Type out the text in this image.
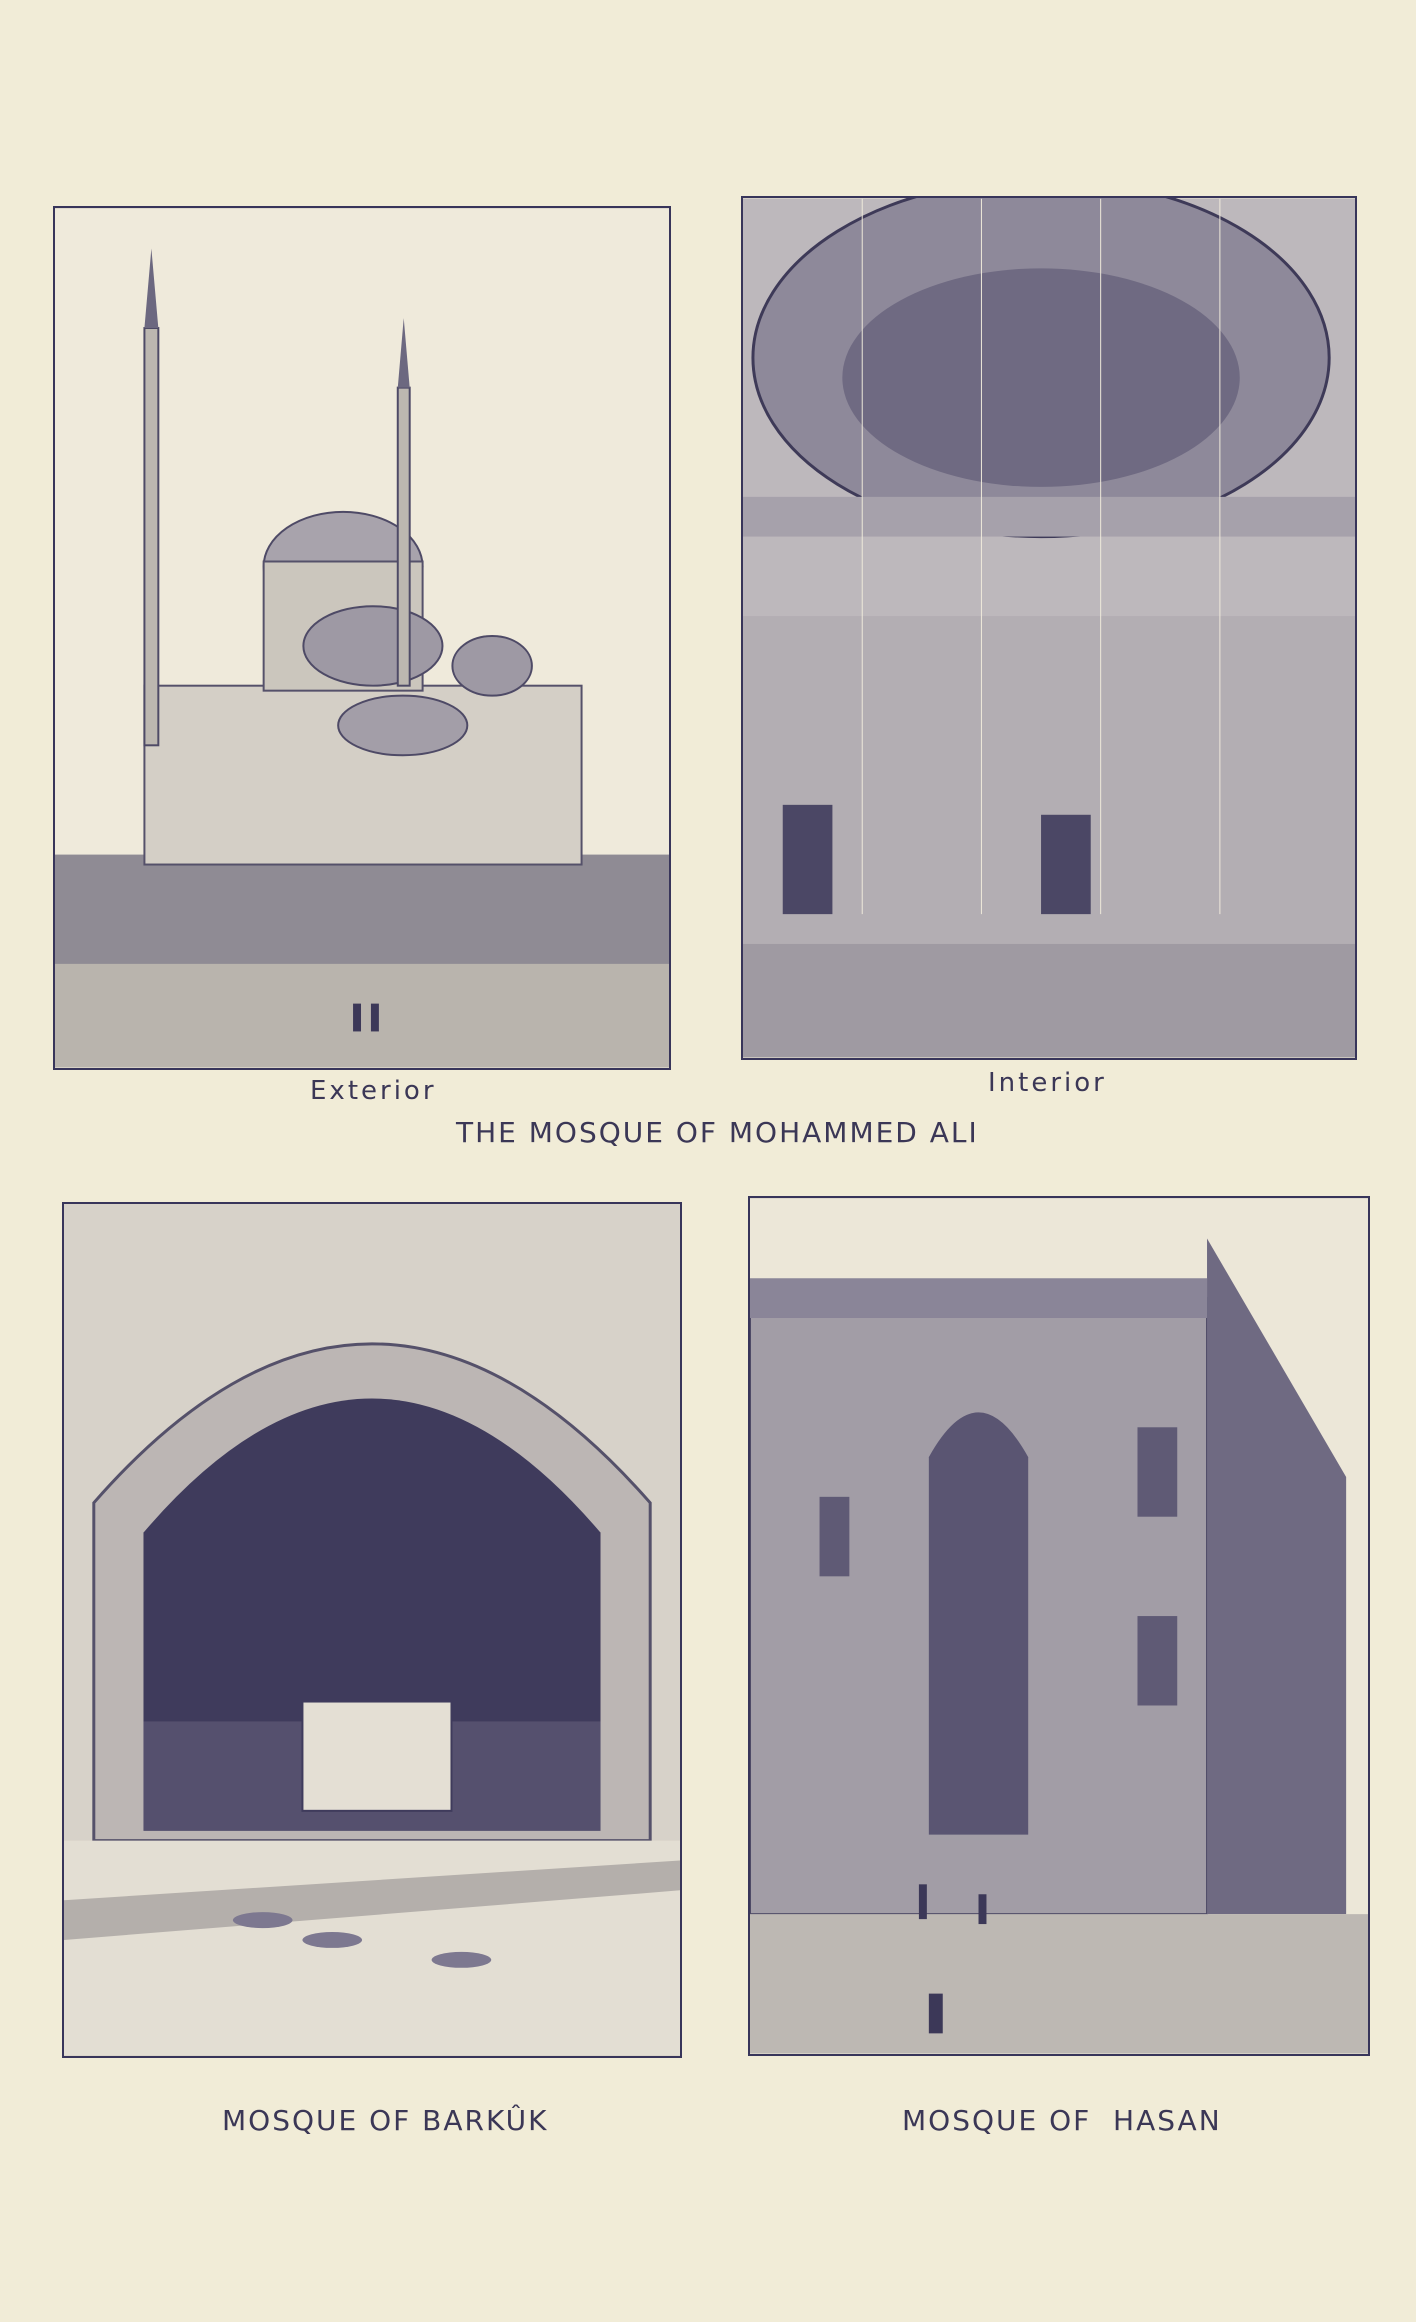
Exterior	Interior
THE MOSQUE OF MOHAMMED ALI
MOSQUE OF BARKÛK	MOSQUE OF  HASAN
